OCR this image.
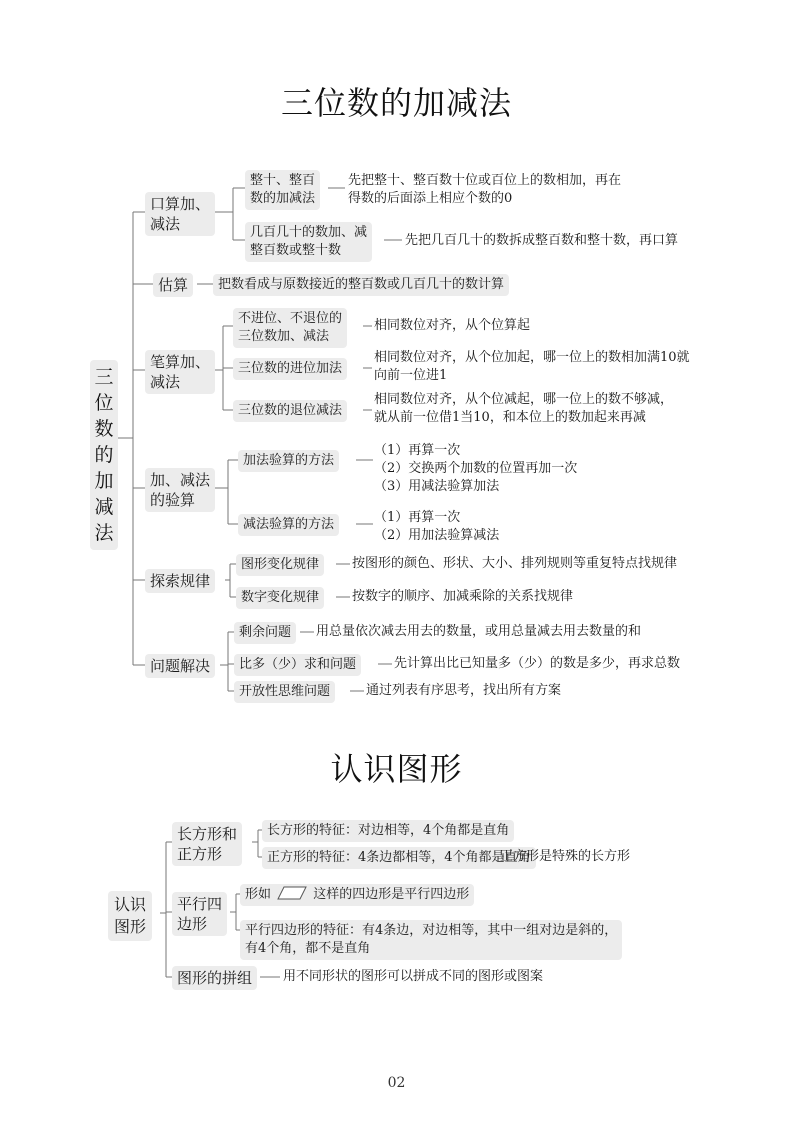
三位数的加减法
三
位
数
的
加
减
法
口算加、
减法
整十、整百
数的加减法
先把整十、整百数十位或百位上的数相加，再在
得数的后面添上相应个数的0
几百几十的数加、减
整百数或整十数
先把几百几十的数拆成整百数和整十数，再口算
估算	把数看成与原数接近的整百数或几百几十的数计算
笔算加、
减法
不进位、不退位的
三位数加、减法
相同数位对齐，从个位算起
三位数的进位加法
相同数位对齐，从个位加起，哪一位上的数相加满10就
向前一位进1
三位数的退位减法
相同数位对齐，从个位减起，哪一位上的数不够减，
就从前一位借1当10，和本位上的数加起来再减
加、减法
的验算
加法验算的方法
（1）再算一次
（2）交换两个加数的位置再加一次
（3）用减法验算加法
减法验算的方法	（1）再算一次
（2）用加法验算减法
探索规律
图形变化规律	按图形的颜色、形状、大小、排列规则等重复特点找规律
数字变化规律	按数字的顺序、加减乘除的关系找规律
问题解决
剩余问题	用总量依次减去用去的数量，或用总量减去用去数量的和
比多（少）求和问题	先计算出比已知量多（少）的数是多少，再求总数
开放性思维问题	通过列表有序思考，找出所有方案
认识图形
认识
图形
长方形和
正方形
长方形的特征：对边相等，4个角都是直角
正方形的特征：4条边都相等，4个角都是直角
正方形是特殊的长方形
平行四
边形
形如	这样的四边形是平行四边形
平行四边形的特征：有4条边，对边相等，其中一组对边是斜的，
有4个角，都不是直角
图形的拼组	用不同形状的图形可以拼成不同的图形或图案
02
